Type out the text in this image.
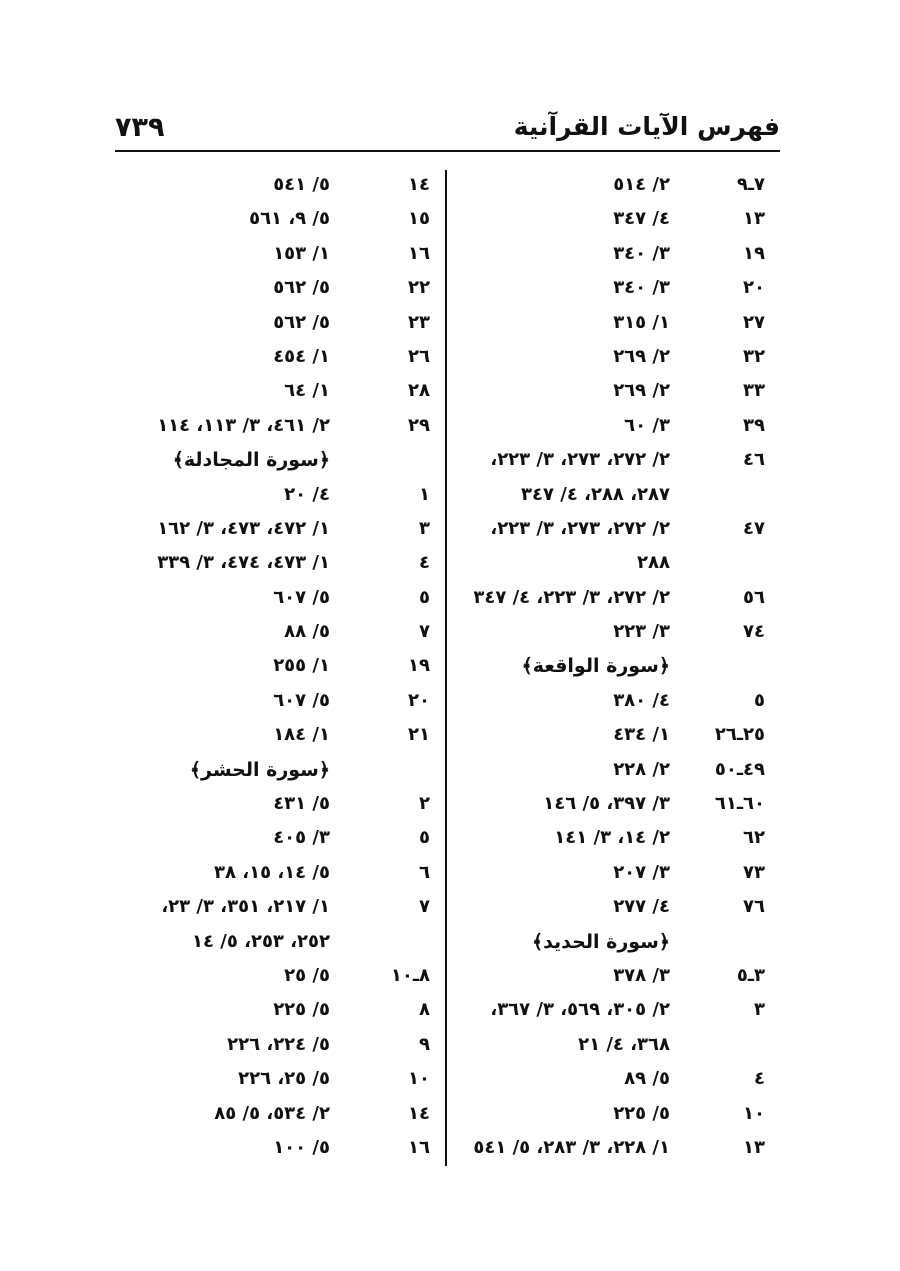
٧٣٩	فهرس الآيات القرآنية
٧ـ٩
٢/ ٥١٤
١٣
٤/ ٣٤٧
١٩
٣/ ٣٤٠
٢٠
٣/ ٣٤٠
٢٧
١/ ٣١٥
٣٢
٢/ ٢٦٩
٣٣
٢/ ٢٦٩
٣٩
٣/ ٦٠
٤٦
٢/ ٢٧٢، ٢٧٣، ٣/ ٢٢٣،
٢٨٧، ٢٨٨، ٤/ ٣٤٧
٤٧
٢/ ٢٧٢، ٢٧٣، ٣/ ٢٢٣،
٢٨٨
٥٦
٢/ ٢٧٢، ٣/ ٢٢٣، ٤/ ٣٤٧
٧٤
٣/ ٢٢٣
﴿سورة الواقعة﴾
٥
٤/ ٣٨٠
٢٥ـ٢٦
١/ ٤٣٤
٤٩ـ٥٠
٢/ ٢٢٨
٦٠ـ٦١
٣/ ٣٩٧، ٥/ ١٤٦
٦٢
٢/ ١٤، ٣/ ١٤١
٧٣
٣/ ٢٠٧
٧٦
٤/ ٢٧٧
﴿سورة الحديد﴾
٣ـ٥
٣/ ٣٧٨
٣
٢/ ٣٠٥، ٥٦٩، ٣/ ٣٦٧،
٣٦٨، ٤/ ٢١
٤
٥/ ٨٩
١٠
٥/ ٢٢٥
١٣
١/ ٢٢٨، ٣/ ٢٨٣، ٥/ ٥٤١
١٤
٥/ ٥٤١
١٥
٥/ ٩، ٥٦١
١٦
١/ ١٥٣
٢٢
٥/ ٥٦٢
٢٣
٥/ ٥٦٢
٢٦
١/ ٤٥٤
٢٨
١/ ٦٤
٢٩
٢/ ٤٦١، ٣/ ١١٣، ١١٤
﴿سورة المجادلة﴾
١
٤/ ٢٠
٣
١/ ٤٧٢، ٤٧٣، ٣/ ١٦٢
٤
١/ ٤٧٣، ٤٧٤، ٣/ ٣٣٩
٥
٥/ ٦٠٧
٧
٥/ ٨٨
١٩
١/ ٢٥٥
٢٠
٥/ ٦٠٧
٢١
١/ ١٨٤
﴿سورة الحشر﴾
٢
٥/ ٤٣١
٥
٣/ ٤٠٥
٦
٥/ ١٤، ١٥، ٣٨
٧
١/ ٢١٧، ٣٥١، ٣/ ٢٣،
٢٥٢، ٢٥٣، ٥/ ١٤
٨ـ١٠
٥/ ٢٥
٨
٥/ ٢٢٥
٩
٥/ ٢٢٤، ٢٢٦
١٠
٥/ ٢٥، ٢٢٦
١٤
٢/ ٥٣٤، ٥/ ٨٥
١٦
٥/ ١٠٠
